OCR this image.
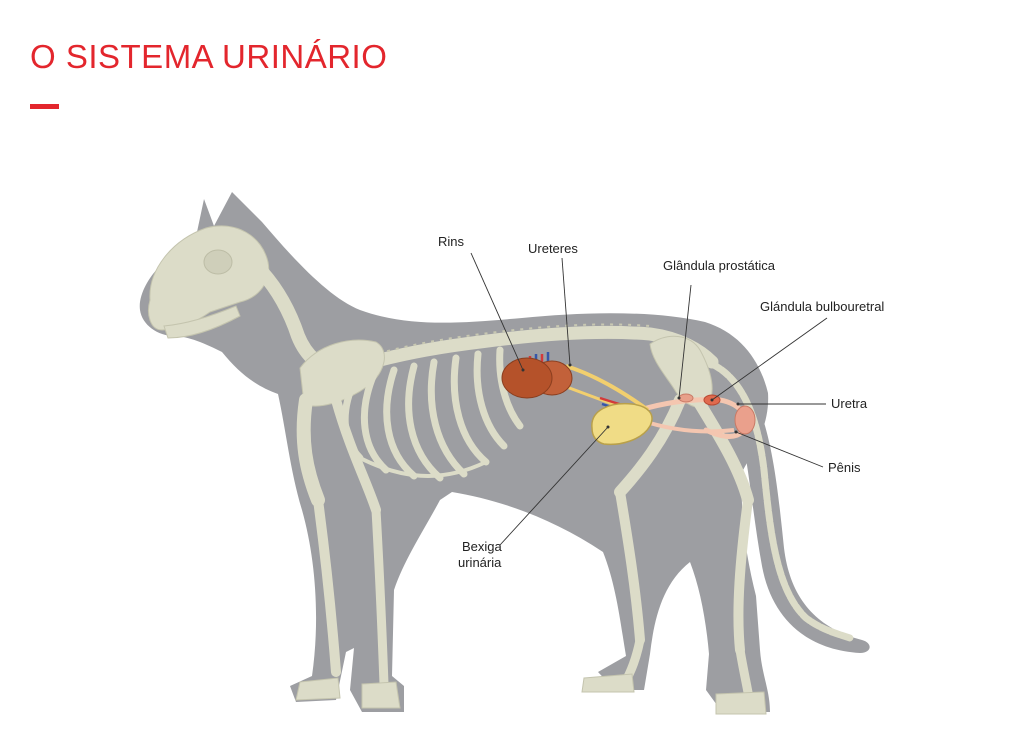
O SISTEMA URINÁRIO
Rins	Ureteres
Glândula prostática
Glándula bulbouretral
Uretra
Pênis
Bexiga
urinária
